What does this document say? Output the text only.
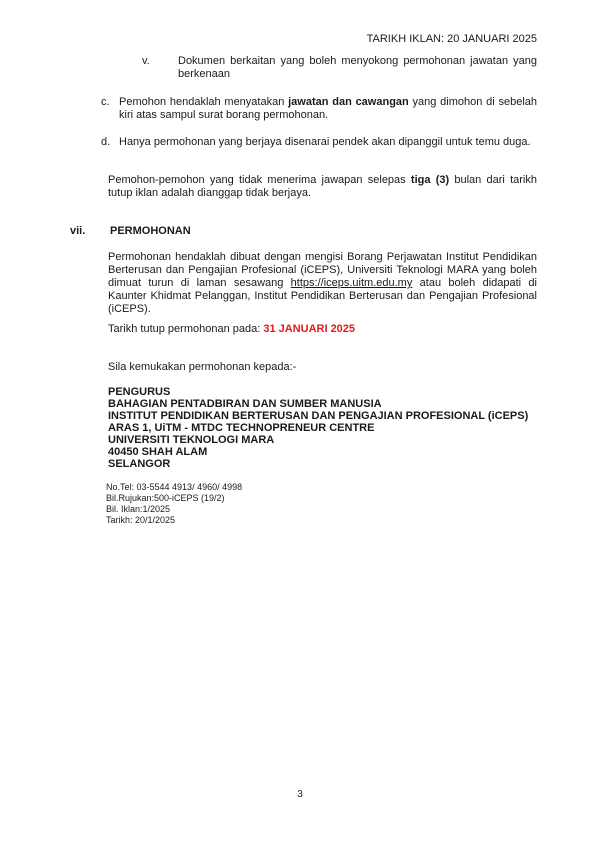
TARIKH IKLAN: 20 JANUARI 2025
v.	Dokumen berkaitan yang boleh menyokong permohonan jawatan yang berkenaan
c. Pemohon hendaklah menyatakan jawatan dan cawangan yang dimohon di sebelah kiri atas sampul surat borang permohonan.
d. Hanya permohonan yang berjaya disenarai pendek akan dipanggil untuk temu duga.
Pemohon-pemohon yang tidak menerima jawapan selepas tiga (3) bulan dari tarikh tutup iklan adalah dianggap tidak berjaya.
vii.	PERMOHONAN
Permohonan hendaklah dibuat dengan mengisi Borang Perjawatan Institut Pendidikan Berterusan dan Pengajian Profesional (iCEPS), Universiti Teknologi MARA yang boleh dimuat turun di laman sesawang https://iceps.uitm.edu.my atau boleh didapati di Kaunter Khidmat Pelanggan, Institut Pendidikan Berterusan dan Pengajian Profesional (iCEPS).
Tarikh tutup permohonan pada: 31 JANUARI 2025
Sila kemukakan permohonan kepada:-
PENGURUS
BAHAGIAN PENTADBIRAN DAN SUMBER MANUSIA
INSTITUT PENDIDIKAN BERTERUSAN DAN PENGAJIAN PROFESIONAL (iCEPS)
ARAS 1, UiTM - MTDC TECHNOPRENEUR CENTRE
UNIVERSITI TEKNOLOGI MARA
40450 SHAH ALAM
SELANGOR
No.Tel: 03-5544 4913/ 4960/ 4998
Bil.Rujukan:500-iCEPS (19/2)
Bil. Iklan:1/2025
Tarikh: 20/1/2025
3
